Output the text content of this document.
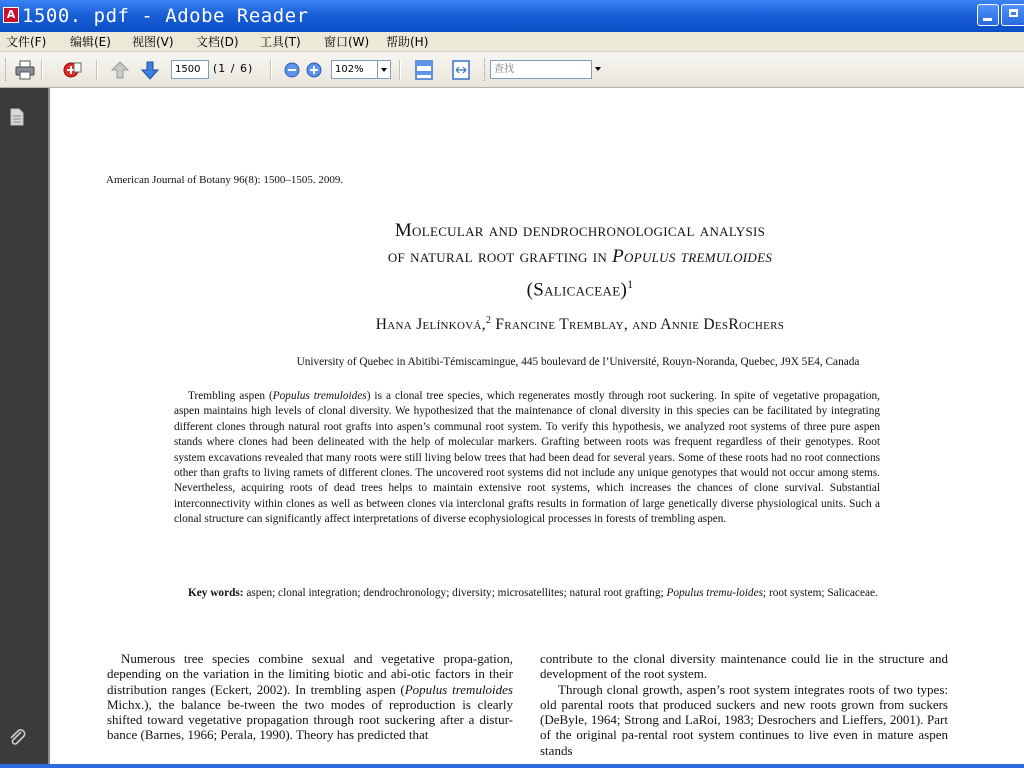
A 1500. pdf - Adobe Reader
文件(F) 编辑(E) 视图(V) 文档(D) 工具(T) 窗口(W) 帮助(H)
1500	(1 / 6)	102%	查找
American Journal of Botany 96(8): 1500–1505. 2009.
Molecular and dendrochronological analysis
of natural root grafting in Populus tremuloides
(Salicaceae)$^1$
Hana Jelínková,$^2$ Francine Tremblay, and Annie DesRochers
University of Quebec in Abitibi-Témiscamingue, 445 boulevard de l’Université, Rouyn-Noranda, Quebec, J9X 5E4, Canada
Trembling aspen (Populus tremuloides) is a clonal tree species, which regenerates mostly through root suckering. In spite of vegetative propagation, aspen maintains high levels of clonal diversity. We hypothesized that the maintenance of clonal diversity in this species can be facilitated by integrating different clones through natural root grafts into aspen’s communal root system. To verify this hypothesis, we analyzed root systems of three pure aspen stands where clones had been delineated with the help of molecular markers. Grafting between roots was frequent regardless of their genotypes. Root system excavations revealed that many roots were still living below trees that had been dead for several years. Some of these roots had no root connections other than grafts to living ramets of different clones. The uncovered root systems did not include any unique genotypes that would not occur among stems. Nevertheless, acquiring roots of dead trees helps to maintain extensive root systems, which increases the chances of clone survival. Substantial interconnectivity within clones as well as between clones via interclonal grafts results in formation of large genetically diverse physiological units. Such a clonal structure can significantly affect interpretations of diverse ecophysiological processes in forests of trembling aspen.
Key words: aspen; clonal integration; dendrochronology; diversity; microsatellites; natural root grafting; Populus tremu-loides; root system; Salicaceae.

Numerous tree species combine sexual and vegetative propa-gation, depending on the variation in the limiting biotic and abi-otic factors in their distribution ranges (Eckert, 2002). In trembling aspen (Populus tremuloides Michx.), the balance be-tween the two modes of reproduction is clearly shifted toward vegetative propagation through root suckering after a distur-bance (Barnes, 1966; Perala, 1990). Theory has predicted that

contribute to the clonal diversity maintenance could lie in the structure and development of the root system.

Through clonal growth, aspen’s root system integrates roots of two types: old parental roots that produced suckers and new roots grown from suckers (DeByle, 1964; Strong and LaRoi, 1983; Desrochers and Lieffers, 2001). Part of the original pa-rental root system continues to live even in mature aspen stands
